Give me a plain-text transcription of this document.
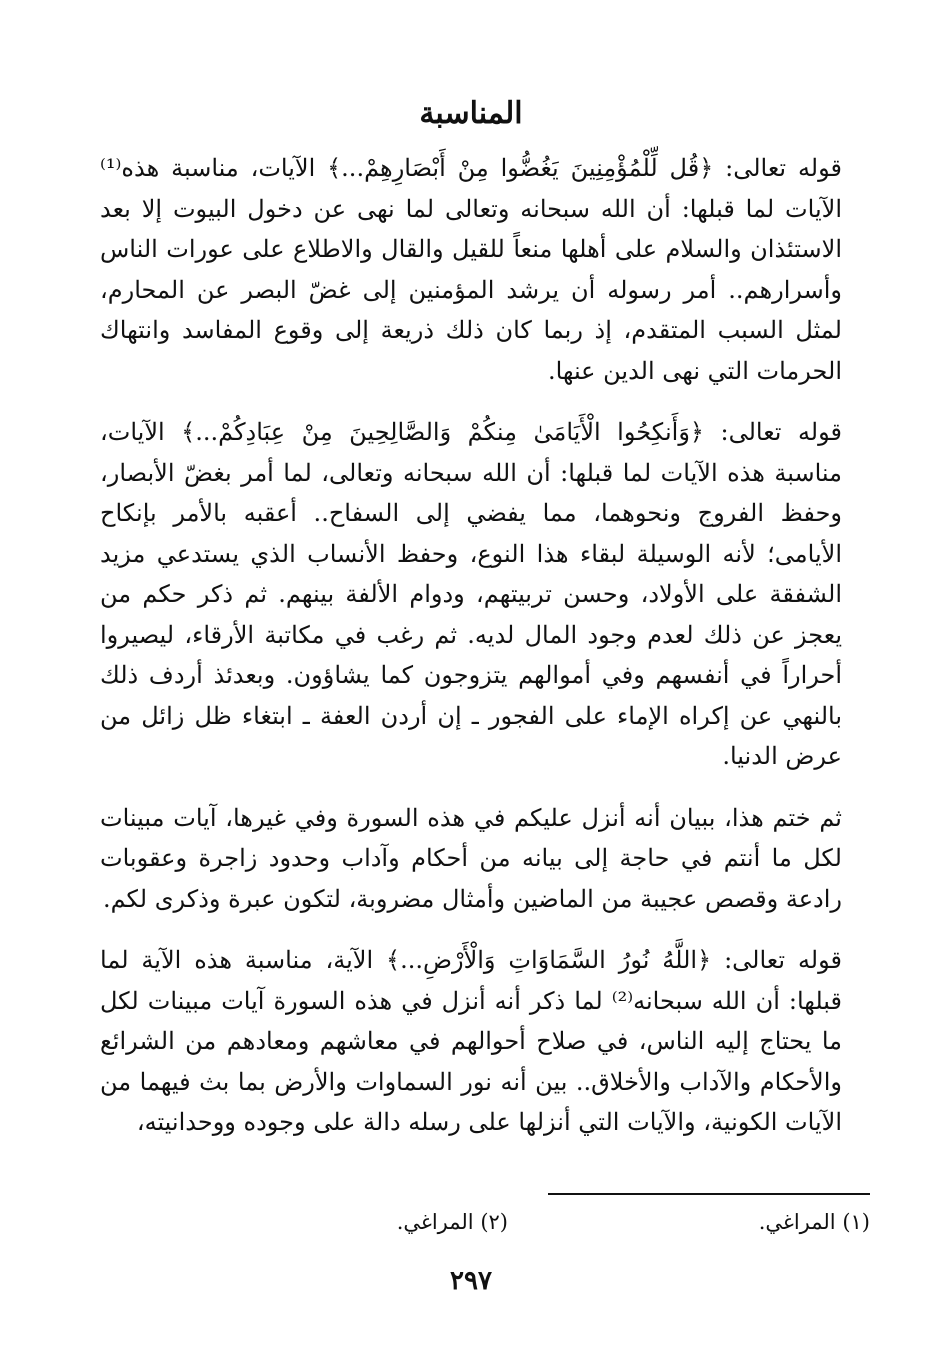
المناسبة

قوله تعالى: ﴿قُل لِّلْمُؤْمِنِينَ يَغُضُّوا مِنْ أَبْصَارِهِمْ...﴾ الآيات، مناسبة هذه⁽¹⁾ الآيات لما قبلها: أن الله سبحانه وتعالى لما نهى عن دخول البيوت إلا بعد الاستئذان والسلام على أهلها منعاً للقيل والقال والاطلاع على عورات الناس وأسرارهم.. أمر رسوله أن يرشد المؤمنين إلى غضّ البصر عن المحارم، لمثل السبب المتقدم، إذ ربما كان ذلك ذريعة إلى وقوع المفاسد وانتهاك الحرمات التي نهى الدين عنها.

قوله تعالى: ﴿وَأَنكِحُوا الْأَيَامَىٰ مِنكُمْ وَالصَّالِحِينَ مِنْ عِبَادِكُمْ...﴾ الآيات، مناسبة هذه الآيات لما قبلها: أن الله سبحانه وتعالى، لما أمر بغضّ الأبصار، وحفظ الفروج ونحوهما، مما يفضي إلى السفاح.. أعقبه بالأمر بإنكاح الأيامى؛ لأنه الوسيلة لبقاء هذا النوع، وحفظ الأنساب الذي يستدعي مزيد الشفقة على الأولاد، وحسن تربيتهم، ودوام الألفة بينهم. ثم ذكر حكم من يعجز عن ذلك لعدم وجود المال لديه. ثم رغب في مكاتبة الأرقاء، ليصيروا أحراراً في أنفسهم وفي أموالهم يتزوجون كما يشاؤون. وبعدئذ أردف ذلك بالنهي عن إكراه الإماء على الفجور ـ إن أردن العفة ـ ابتغاء ظل زائل من عرض الدنيا.

ثم ختم هذا، ببيان أنه أنزل عليكم في هذه السورة وفي غيرها، آيات مبينات لكل ما أنتم في حاجة إلى بيانه من أحكام وآداب وحدود زاجرة وعقوبات رادعة وقصص عجيبة من الماضين وأمثال مضروبة، لتكون عبرة وذكرى لكم.

قوله تعالى: ﴿اللَّهُ نُورُ السَّمَاوَاتِ وَالْأَرْضِ...﴾ الآية، مناسبة هذه الآية لما قبلها: أن الله سبحانه⁽²⁾ لما ذكر أنه أنزل في هذه السورة آيات مبينات لكل ما يحتاج إليه الناس، في صلاح أحوالهم في معاشهم ومعادهم من الشرائع والأحكام والآداب والأخلاق.. بين أنه نور السماوات والأرض بما بث فيهما من الآيات الكونية، والآيات التي أنزلها على رسله دالة على وجوده ووحدانيته،

(١) المراغي.
(٢) المراغي.
٢٩٧
